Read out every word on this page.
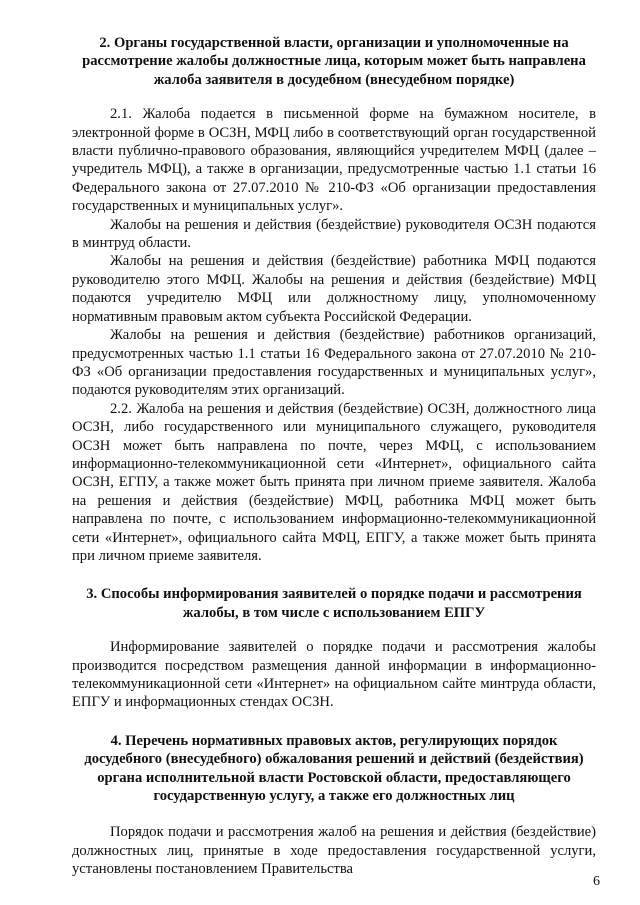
2. Органы государственной власти, организации и уполномоченные на рассмотрение жалобы должностные лица, которым может быть направлена жалоба заявителя в досудебном (внесудебном порядке)

2.1. Жалоба подается в письменной форме на бумажном носителе, в электронной форме в ОСЗН, МФЦ либо в соответствующий орган государственной власти публично-правового образования, являющийся учредителем МФЦ (далее – учредитель МФЦ), а также в организации, предусмотренные частью 1.1 статьи 16 Федерального закона от 27.07.2010 № 210-ФЗ «Об организации предоставления государственных и муниципальных услуг».

Жалобы на решения и действия (бездействие) руководителя ОСЗН подаются в минтруд области.

Жалобы на решения и действия (бездействие) работника МФЦ подаются руководителю этого МФЦ. Жалобы на решения и действия (бездействие) МФЦ подаются учредителю МФЦ или должностному лицу, уполномоченному нормативным правовым актом субъекта Российской Федерации.

Жалобы на решения и действия (бездействие) работников организаций, предусмотренных частью 1.1 статьи 16 Федерального закона от 27.07.2010 № 210-ФЗ «Об организации предоставления государственных и муниципальных услуг», подаются руководителям этих организаций.

2.2. Жалоба на решения и действия (бездействие) ОСЗН, должностного лица ОСЗН, либо государственного или муниципального служащего, руководителя ОСЗН может быть направлена по почте, через МФЦ, с использованием информационно-телекоммуникационной сети «Интернет», официального сайта ОСЗН, ЕГПУ, а также может быть принята при личном приеме заявителя. Жалоба на решения и действия (бездействие) МФЦ, работника МФЦ может быть направлена по почте, с использованием информационно-телекоммуникационной сети «Интернет», официального сайта МФЦ, ЕПГУ, а также может быть принята при личном приеме заявителя.

3. Способы информирования заявителей о порядке подачи и рассмотрения жалобы, в том числе с использованием ЕПГУ

Информирование заявителей о порядке подачи и рассмотрения жалобы производится посредством размещения данной информации в информационно-телекоммуникационной сети «Интернет» на официальном сайте минтруда области, ЕПГУ и информационных стендах ОСЗН.

4. Перечень нормативных правовых актов, регулирующих порядок досудебного (внесудебного) обжалования решений и действий (бездействия) органа исполнительной власти Ростовской области, предоставляющего государственную услугу, а также его должностных лиц

Порядок подачи и рассмотрения жалоб на решения и действия (бездействие) должностных лиц, принятые в ходе предоставления государственной услуги, установлены постановлением Правительства

6
